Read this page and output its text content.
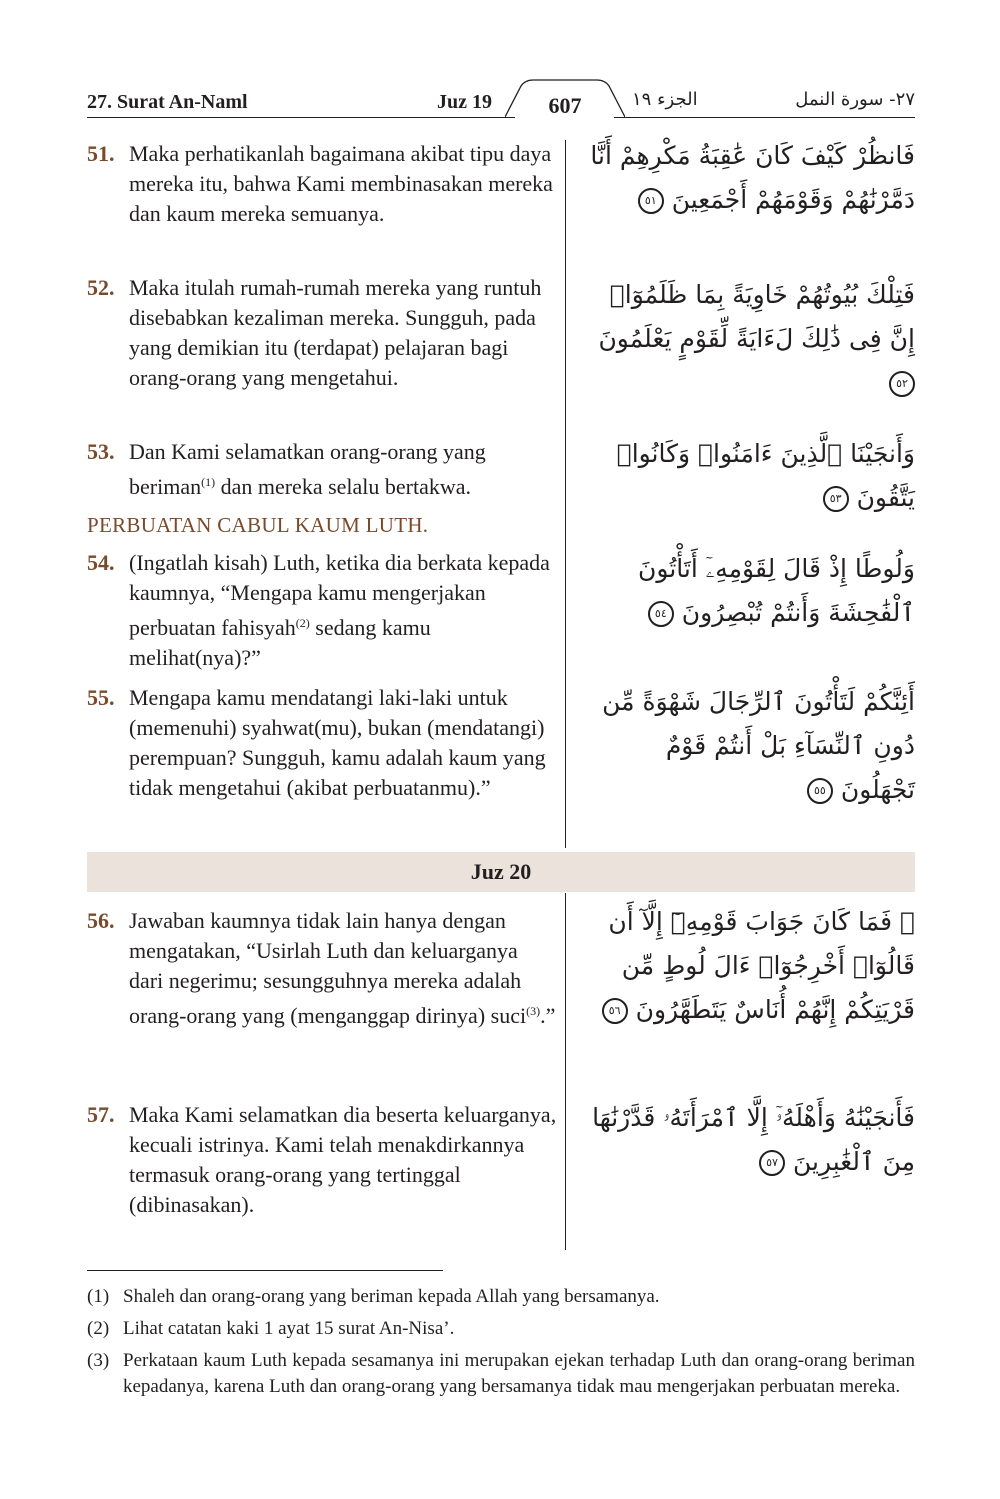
27. Surat An-Naml	Juz 19	607	الجزء ١٩	٢٧- سورة النمل
51. Maka perhatikanlah bagaimana akibat tipu daya mereka itu, bahwa Kami membinasakan mereka dan kaum mereka semuanya.
فَانظُرْ كَيْفَ كَانَ عَٰقِبَةُ مَكْرِهِمْ أَنَّا دَمَّرْنَٰهُمْ وَقَوْمَهُمْ أَجْمَعِينَ ٥١
52. Maka itulah rumah-rumah mereka yang runtuh disebabkan kezaliman mereka. Sungguh, pada yang demikian itu (terdapat) pelajaran bagi orang-orang yang mengetahui.
فَتِلْكَ بُيُوتُهُمْ خَاوِيَةً بِمَا ظَلَمُوٓا۟ إِنَّ فِى ذَٰلِكَ لَءَايَةً لِّقَوْمٍ يَعْلَمُونَ ٥٢
53. Dan Kami selamatkan orang-orang yang beriman$^{(1)}$ dan mereka selalu bertakwa.
وَأَنجَيْنَا ٱلَّذِينَ ءَامَنُوا۟ وَكَانُوا۟ يَتَّقُونَ ٥٣
PERBUATAN CABUL KAUM LUTH.
54. (Ingatlah kisah) Luth, ketika dia berkata kepada kaumnya, “Mengapa kamu mengerjakan perbuatan fahisyah$^{(2)}$ sedang kamu melihat(nya)?”
وَلُوطًا إِذْ قَالَ لِقَوْمِهِۦٓ أَتَأْتُونَ ٱلْفَٰحِشَةَ وَأَنتُمْ تُبْصِرُونَ ٥٤
55. Mengapa kamu mendatangi laki-laki untuk (memenuhi) syahwat(mu), bukan (mendatangi) perempuan? Sungguh, kamu adalah kaum yang tidak mengetahui (akibat perbuatanmu).”
أَئِنَّكُمْ لَتَأْتُونَ ٱلرِّجَالَ شَهْوَةً مِّن دُونِ ٱلنِّسَآءِ بَلْ أَنتُمْ قَوْمٌ تَجْهَلُونَ ٥٥
Juz 20
56. Jawaban kaumnya tidak lain hanya dengan mengatakan, “Usirlah Luth dan keluarganya dari negerimu; sesungguhnya mereka adalah orang-orang yang (menganggap dirinya) suci$^{(3)}$.”
۞ فَمَا كَانَ جَوَابَ قَوْمِهِۦٓ إِلَّآ أَن قَالُوٓا۟ أَخْرِجُوٓا۟ ءَالَ لُوطٍ مِّن قَرْيَتِكُمْ إِنَّهُمْ أُنَاسٌ يَتَطَهَّرُونَ ٥٦
57. Maka Kami selamatkan dia beserta keluarganya, kecuali istrinya. Kami telah menakdirkannya termasuk orang-orang yang tertinggal (dibinasakan).
فَأَنجَيْنَٰهُ وَأَهْلَهُۥٓ إِلَّا ٱمْرَأَتَهُۥ قَدَّرْنَٰهَا مِنَ ٱلْغَٰبِرِينَ ٥٧
(1) Shaleh dan orang-orang yang beriman kepada Allah yang bersamanya.
(2) Lihat catatan kaki 1 ayat 15 surat An-Nisa’.
(3) Perkataan kaum Luth kepada sesamanya ini merupakan ejekan terhadap Luth dan orang-orang beriman kepadanya, karena Luth dan orang-orang yang bersamanya tidak mau mengerjakan perbuatan mereka.
